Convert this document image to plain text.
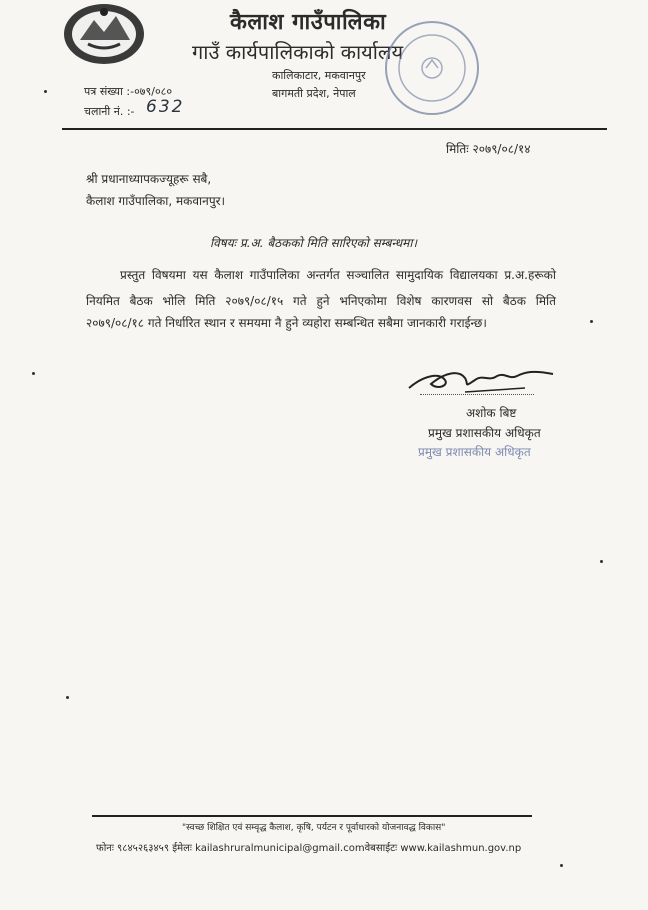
कैलाश गाउँपालिका
गाउँ कार्यपालिकाको कार्यालय
कालिकाटार, मकवानपुर
बागमती प्रदेश, नेपाल
पत्र संख्या :-०७९/०८०
चलानी नं. :- 632
मितिः २०७९/०८/१४
श्री प्रधानाध्यापकज्यूहरू सबै,
कैलाश गाउँपालिका, मकवानपुर।
विषयः प्र.अ. बैठकको मिति सारिएको सम्बन्धमा।
प्रस्तुत विषयमा यस कैलाश गाउँपालिका अन्तर्गत सञ्चालित सामुदायिक विद्यालयका प्र.अ.हरूको
नियमित बैठक भोलि मिति २०७९/०८/१५ गते हुने भनिएकोमा विशेष कारणवस सो बैठक मिति
२०७९/०८/१८ गते निर्धारित स्थान र समयमा नै हुने व्यहोरा सम्बन्धित सबैमा जानकारी गराईन्छ।
अशोक बिष्ट
प्रमुख प्रशासकीय अधिकृत
प्रमुख प्रशासकीय अधिकृत
"स्वच्छ शिक्षित एवं सम्वृद्ध कैलाश, कृषि, पर्यटन र पूर्वाधारको योजनावद्ध विकास"
फोनः ९८४५२६३४५९ ईमेलः kailashruralmunicipal@gmail.comवेबसाईटः www.kailashmun.gov.np
